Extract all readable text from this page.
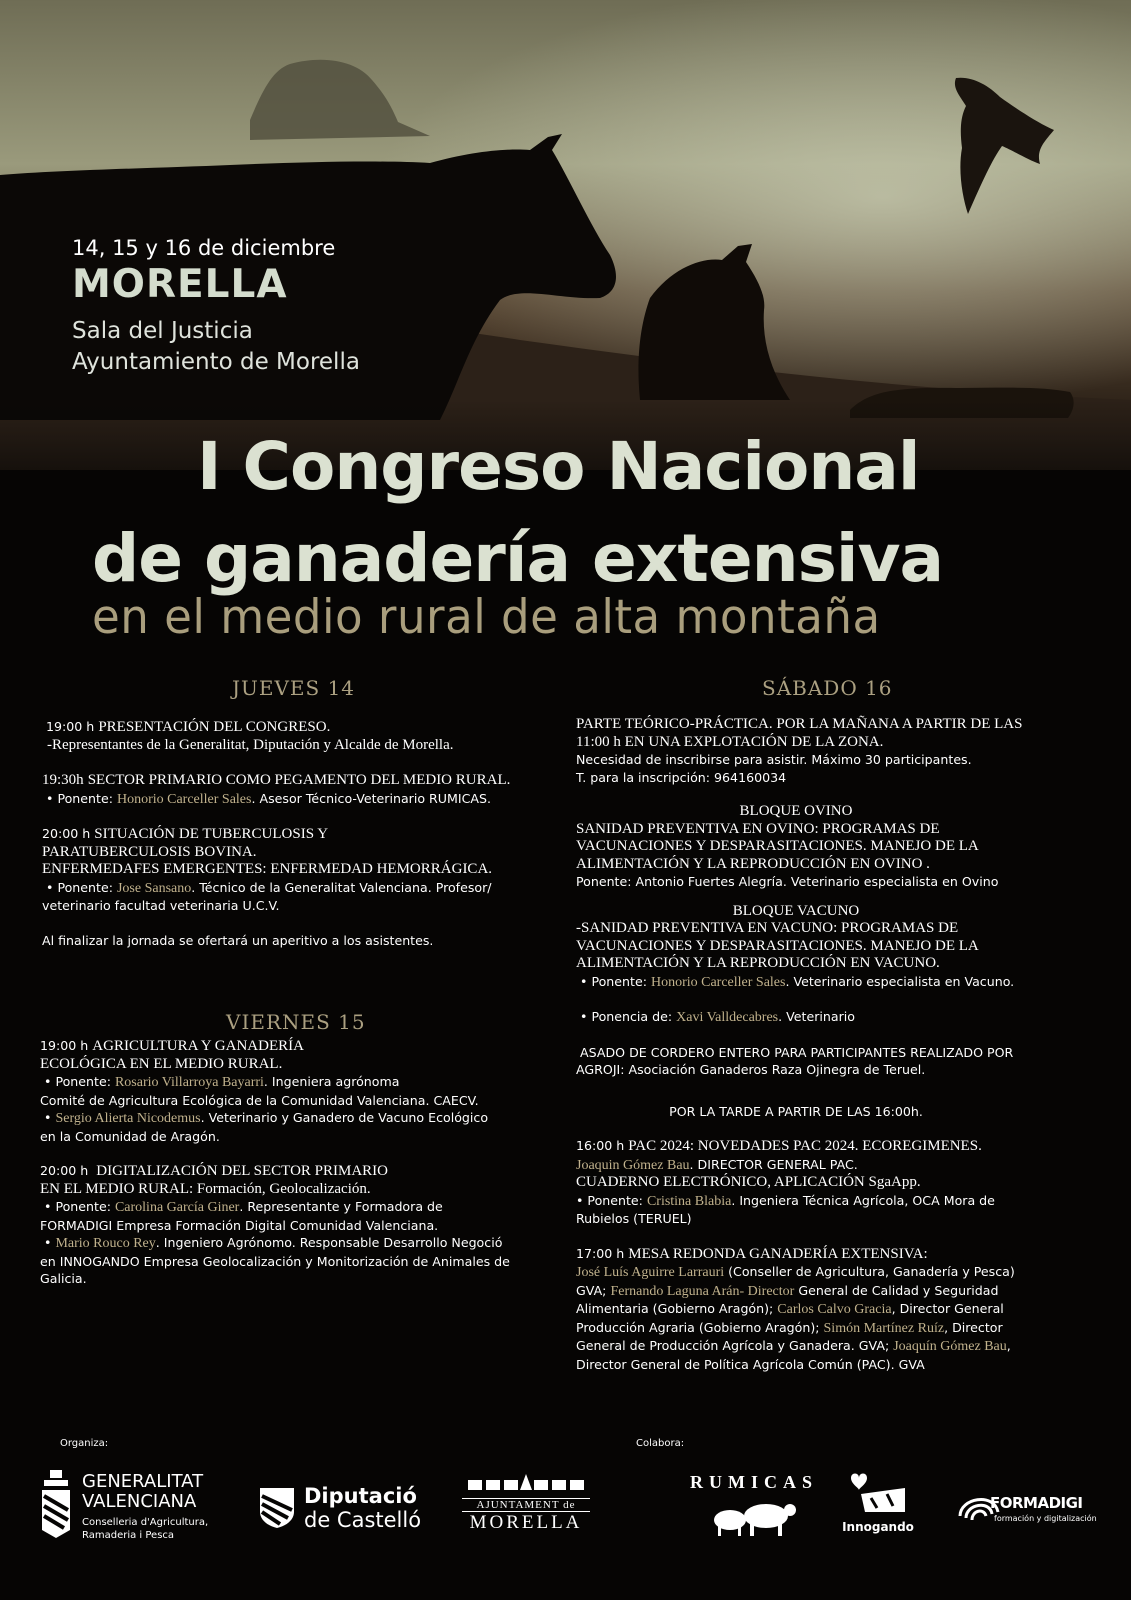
14, 15 y 16 de diciembre
MORELLA
Sala del Justicia
Ayuntamiento de Morella
I Congreso Nacional
de ganadería extensiva
en el medio rural de alta montaña
JUEVES 14

19:00 h PRESENTACIÓN DEL CONGRESO.

-Representantes de la Generalitat, Diputación y Alcalde de Morella.

19:30h SECTOR PRIMARIO COMO PEGAMENTO DEL MEDIO RURAL.

• Ponente: Honorio Carceller Sales. Asesor Técnico-Veterinario RUMICAS.

20:00 h SITUACIÓN DE TUBERCULOSIS Y

PARATUBERCULOSIS BOVINA.

ENFERMEDAFES EMERGENTES: ENFERMEDAD HEMORRÁGICA.

• Ponente: Jose Sansano. Técnico de la Generalitat Valenciana. Profesor/

veterinario facultad veterinaria U.C.V.

Al finalizar la jornada se ofertará un aperitivo a los asistentes.

VIERNES 15

19:00 h AGRICULTURA Y GANADERÍA

ECOLÓGICA EN EL MEDIO RURAL.

• Ponente: Rosario Villarroya Bayarri. Ingeniera agrónoma

Comité de Agricultura Ecológica de la Comunidad Valenciana. CAECV.

• Sergio Alierta Nicodemus. Veterinario y Ganadero de Vacuno Ecológico

en la Comunidad de Aragón.

20:00 h DIGITALIZACIÓN DEL SECTOR PRIMARIO

EN EL MEDIO RURAL: Formación, Geolocalización.

• Ponente: Carolina García Giner. Representante y Formadora de

FORMADIGI Empresa Formación Digital Comunidad Valenciana.

• Mario Rouco Rey. Ingeniero Agrónomo. Responsable Desarrollo Negoció

en INNOGANDO Empresa Geolocalización y Monitorización de Animales de

Galicia.

SÁBADO 16

PARTE TEÓRICO-PRÁCTICA. POR LA MAÑANA A PARTIR DE LAS

11:00 h EN UNA EXPLOTACIÓN DE LA ZONA.

Necesidad de inscribirse para asistir. Máximo 30 participantes.

T. para la inscripción: 964160034

BLOQUE OVINO

SANIDAD PREVENTIVA EN OVINO: PROGRAMAS DE

VACUNACIONES Y DESPARASITACIONES. MANEJO DE LA

ALIMENTACIÓN Y LA REPRODUCCIÓN EN OVINO .

Ponente: Antonio Fuertes Alegría. Veterinario especialista en Ovino

BLOQUE VACUNO

-SANIDAD PREVENTIVA EN VACUNO: PROGRAMAS DE

VACUNACIONES Y DESPARASITACIONES. MANEJO DE LA

ALIMENTACIÓN Y LA REPRODUCCIÓN EN VACUNO.

• Ponente: Honorio Carceller Sales. Veterinario especialista en Vacuno.

• Ponencia de: Xavi Valldecabres. Veterinario

ASADO DE CORDERO ENTERO PARA PARTICIPANTES REALIZADO POR

AGROJI: Asociación Ganaderos Raza Ojinegra de Teruel.

POR LA TARDE A PARTIR DE LAS 16:00h.

16:00 h PAC 2024: NOVEDADES PAC 2024. ECOREGIMENES.

Joaquin Gómez Bau. DIRECTOR GENERAL PAC.

CUADERNO ELECTRÓNICO, APLICACIÓN SgaApp.

• Ponente: Cristina Blabia. Ingeniera Técnica Agrícola, OCA Mora de

Rubielos (TERUEL)

17:00 h MESA REDONDA GANADERÍA EXTENSIVA:

José Luís Aguirre Larrauri (Conseller de Agricultura, Ganadería y Pesca)

GVA; Fernando Laguna Arán- Director General de Calidad y Seguridad

Alimentaria (Gobierno Aragón); Carlos Calvo Gracia, Director General

Producción Agraria (Gobierno Aragón); Simón Martínez Ruíz, Director

General de Producción Agrícola y Ganadera. GVA; Joaquín Gómez Bau,

Director General de Política Agrícola Común (PAC). GVA

Organiza:	Colabora:
GENERALITAT
VALENCIANA
Conselleria d'Agricultura,
Ramaderia i Pesca
Diputació
de Castelló
AJUNTAMENT de
MORELLA
RUMICAS
Innogando
FORMADIGI
formación y digitalización
